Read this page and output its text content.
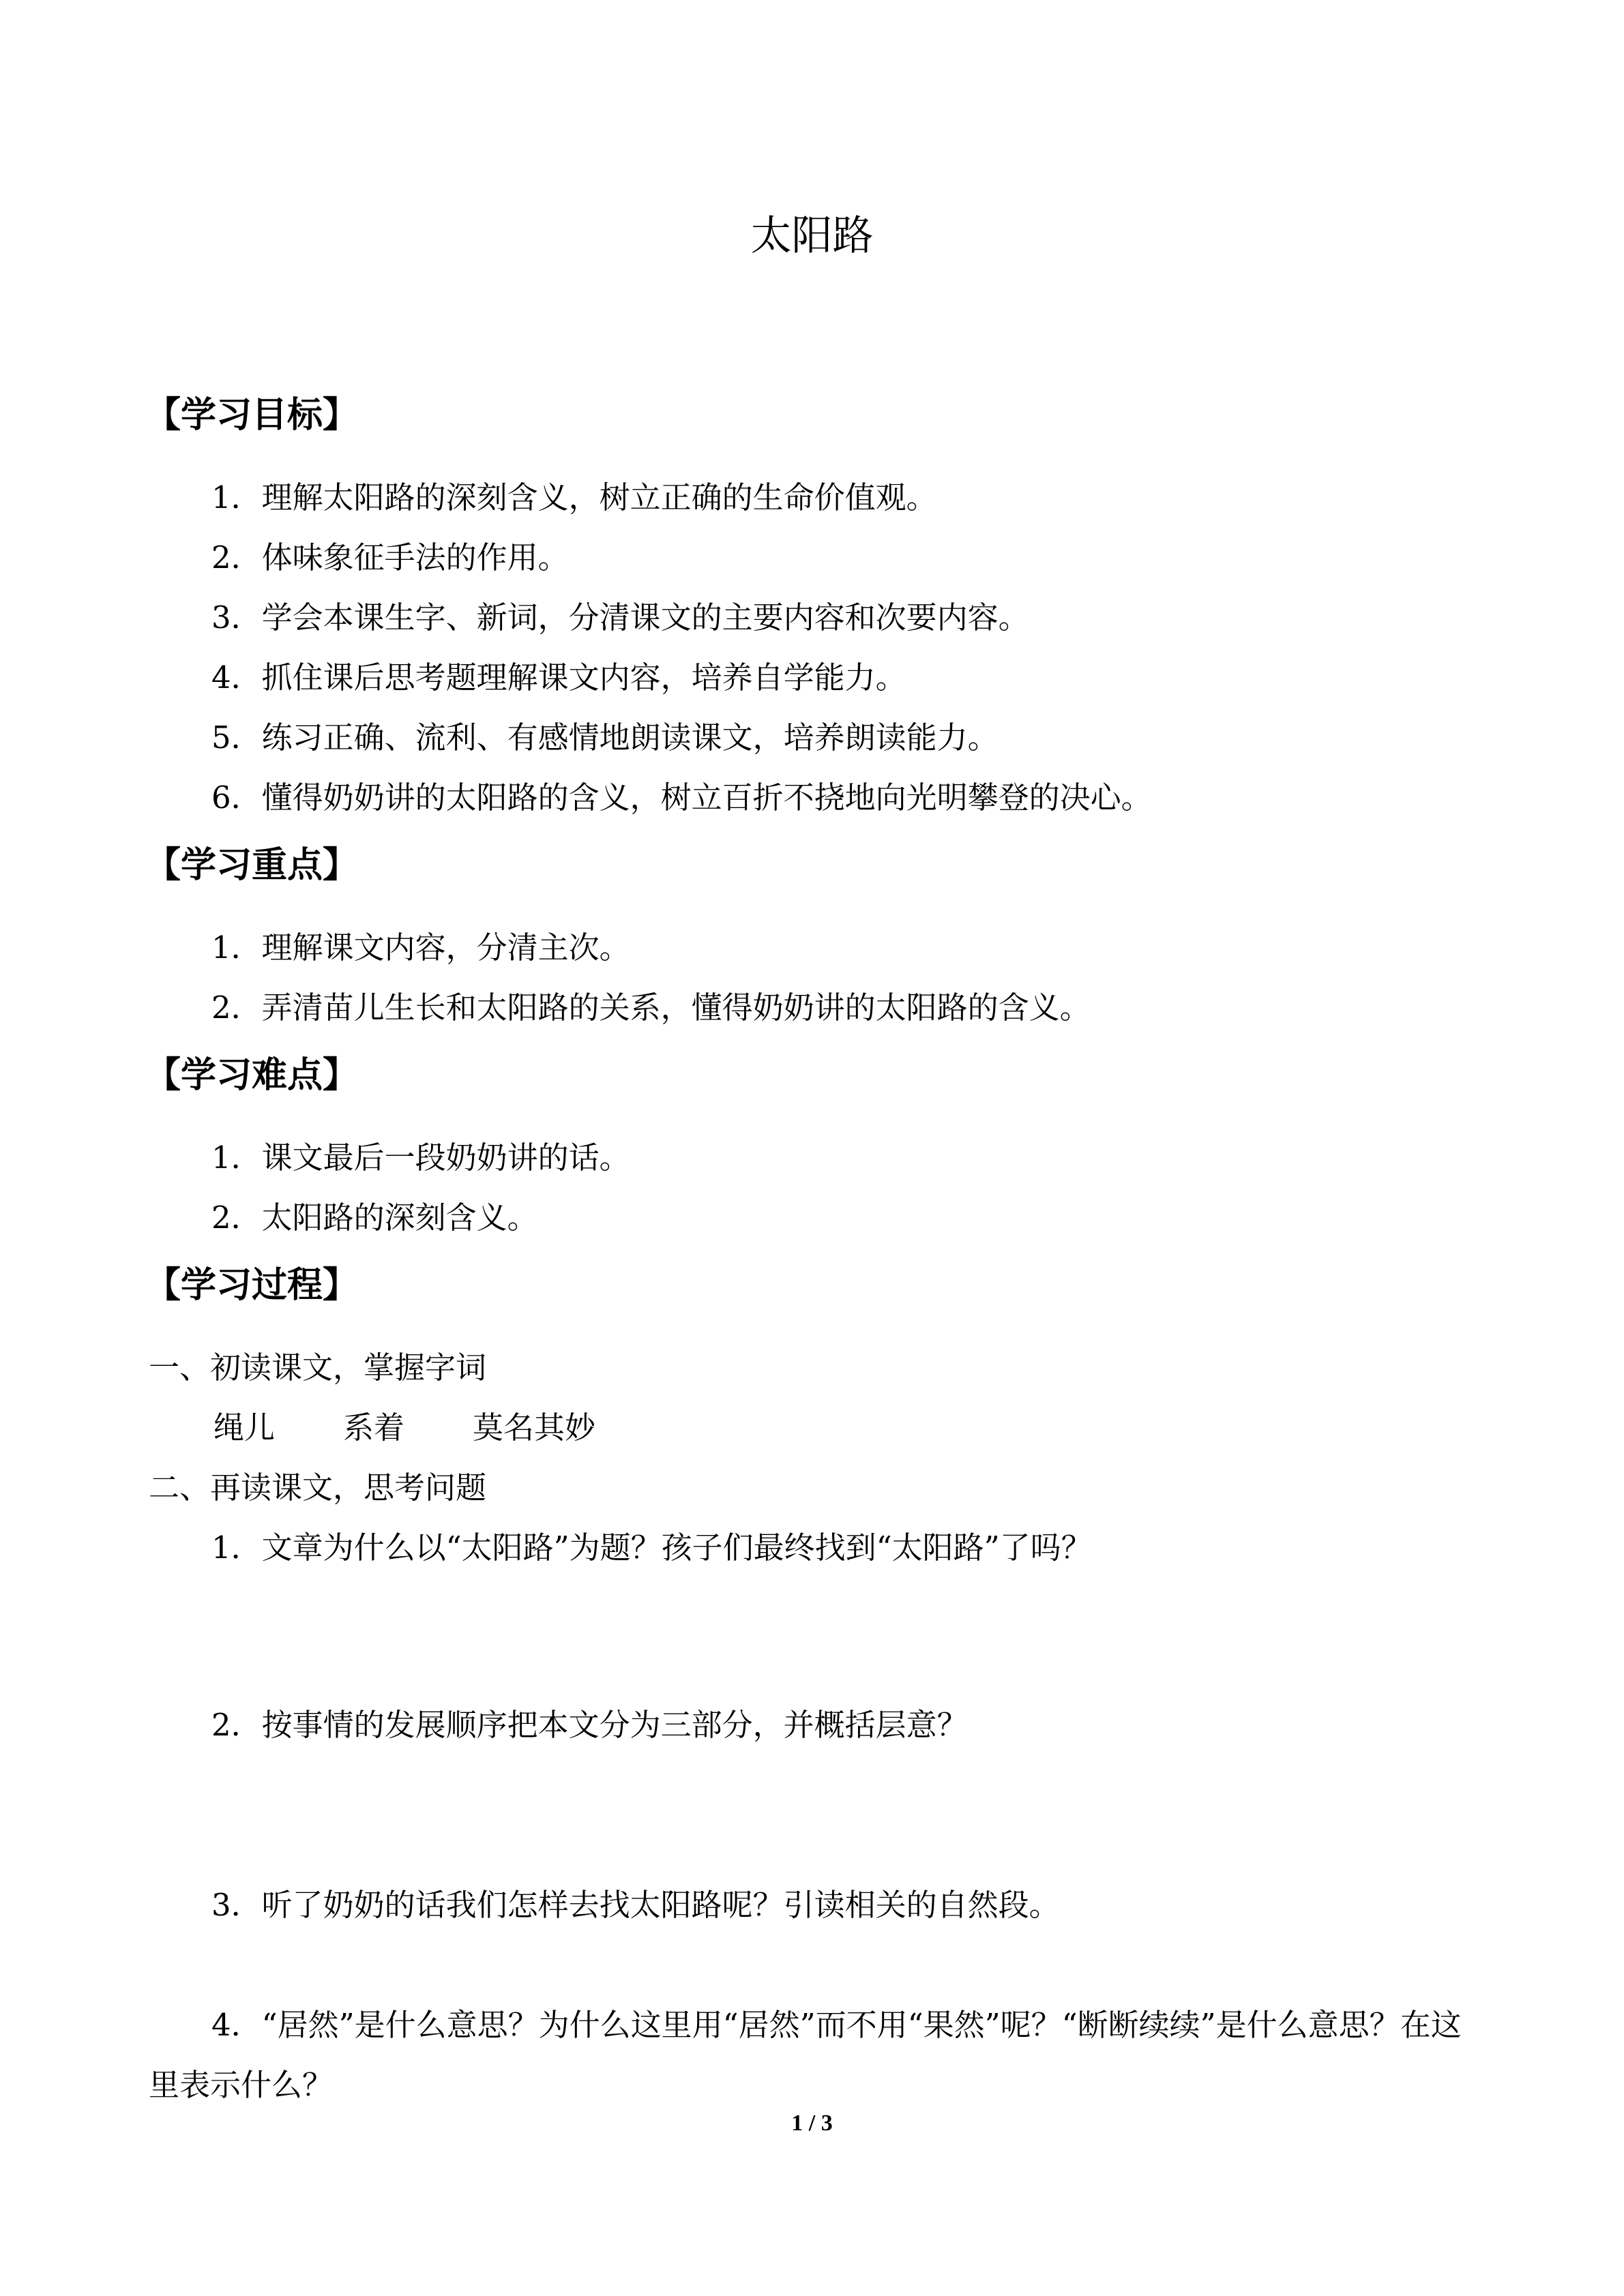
太阳路
【学习目标】

1．理解太阳路的深刻含义，树立正确的生命价值观。

2．体味象征手法的作用。

3．学会本课生字、新词，分清课文的主要内容和次要内容。

4．抓住课后思考题理解课文内容，培养自学能力。

5．练习正确、流利、有感情地朗读课文，培养朗读能力。

6．懂得奶奶讲的太阳路的含义，树立百折不挠地向光明攀登的决心。

【学习重点】

1．理解课文内容，分清主次。

2．弄清苗儿生长和太阳路的关系，懂得奶奶讲的太阳路的含义。

【学习难点】

1．课文最后一段奶奶讲的话。

2．太阳路的深刻含义。

【学习过程】

一、初读课文，掌握字词

绳儿 系着 莫名其妙

二、再读课文，思考问题

1．文章为什么以“太阳路”为题？孩子们最终找到“太阳路”了吗？

2．按事情的发展顺序把本文分为三部分，并概括层意？

3．听了奶奶的话我们怎样去找太阳路呢？引读相关的自然段。

4．“居然”是什么意思？为什么这里用“居然”而不用“果然”呢？“断断续续”是什么意思？在这里表示什么？

1 / 3
